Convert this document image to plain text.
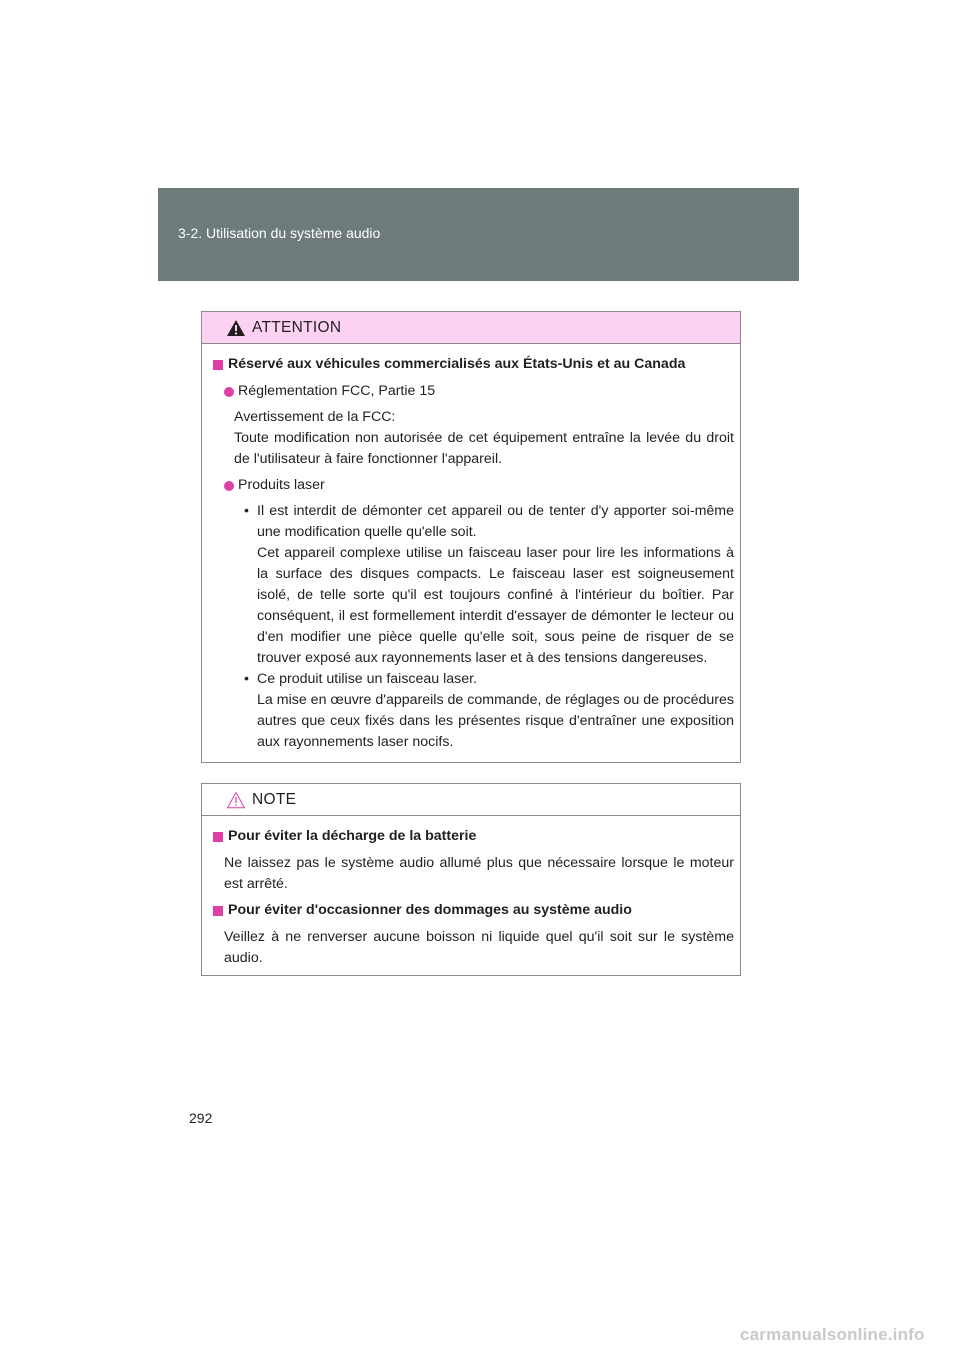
3-2. Utilisation du système audio
ATTENTION
Réservé aux véhicules commercialisés aux États-Unis et au Canada
Réglementation FCC, Partie 15
Avertissement de la FCC:
Toute modification non autorisée de cet équipement entraîne la levée du droit de l'utilisateur à faire fonctionner l'appareil.
Produits laser
• Il est interdit de démonter cet appareil ou de tenter d'y apporter soi-même une modification quelle qu'elle soit.
Cet appareil complexe utilise un faisceau laser pour lire les informations à la surface des disques compacts. Le faisceau laser est soigneusement isolé, de telle sorte qu'il est toujours confiné à l'intérieur du boîtier. Par conséquent, il est formellement interdit d'essayer de démonter le lecteur ou d'en modifier une pièce quelle qu'elle soit, sous peine de risquer de se trouver exposé aux rayonnements laser et à des tensions dangereuses.
• Ce produit utilise un faisceau laser.
La mise en œuvre d'appareils de commande, de réglages ou de procédures autres que ceux fixés dans les présentes risque d'entraîner une exposition aux rayonnements laser nocifs.
NOTE
Pour éviter la décharge de la batterie
Ne laissez pas le système audio allumé plus que nécessaire lorsque le moteur est arrêté.
Pour éviter d'occasionner des dommages au système audio
Veillez à ne renverser aucune boisson ni liquide quel qu'il soit sur le système audio.
292
carmanualsonline.info
